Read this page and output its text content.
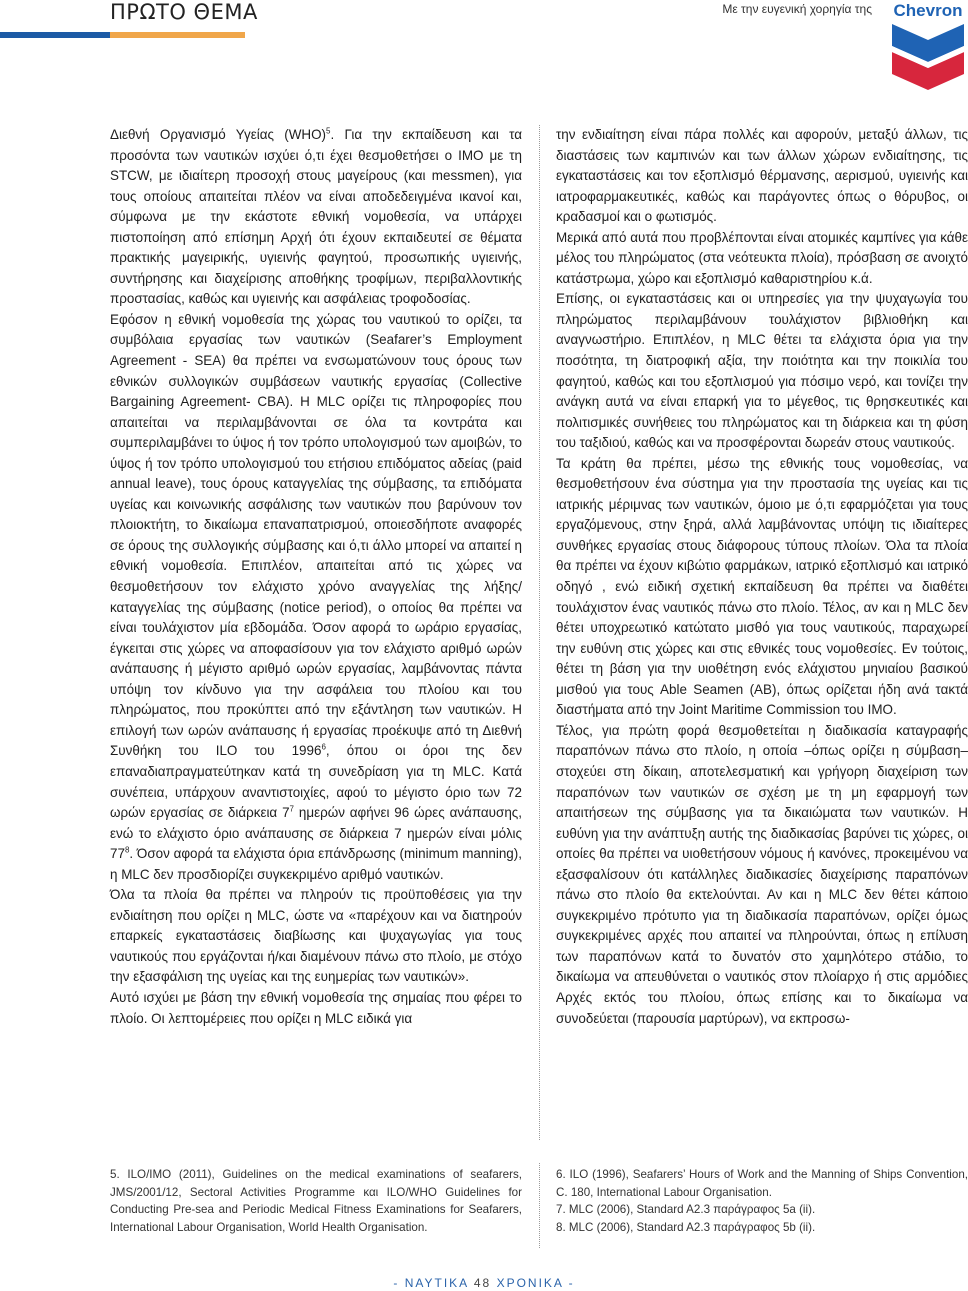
ΠΡΩΤΟ ΘΕΜΑ	Με την ευγενική χορηγία της Chevron

Διεθνή Οργανισμό Υγείας (WHO)$^5$. Για την εκπαίδευση και τα προσόντα των ναυτικών ισχύει ό,τι έχει θεσμοθετήσει ο ΙΜΟ με τη STCW, με ιδιαίτερη προσοχή στους μαγείρους (και messmen), για τους οποίους απαιτείται πλέον να είναι αποδεδειγμένα ικανοί και, σύμφωνα με την εκάστοτε εθνική νομοθεσία, να υπάρχει πιστοποίηση από επίσημη Αρχή ότι έχουν εκπαιδευτεί σε θέματα πρακτικής μαγειρικής, υγιεινής φαγητού, προσωπικής υγιεινής, συντήρησης και διαχείρισης αποθήκης τροφίμων, περιβαλλοντικής προστασίας, καθώς και υγιεινής και ασφάλειας τροφοδοσίας.

Εφόσον η εθνική νομοθεσία της χώρας του ναυτικού το ορίζει, τα συμβόλαια εργασίας των ναυτικών (Seafarer’s Employment Agreement - SEA) θα πρέπει να ενσωματώνουν τους όρους των εθνικών συλλογικών συμβάσεων ναυτικής εργασίας (Collective Bargaining Agreement- CBA). Η MLC ορίζει τις πληροφορίες που απαιτείται να περιλαμβάνονται σε όλα τα κοντράτα και συμπεριλαμβάνει το ύψος ή τον τρόπο υπολογισμού των αμοιβών, το ύψος ή τον τρόπο υπολογισμού του ετήσιου επιδόματος αδείας (paid annual leave), τους όρους καταγγελίας της σύμβασης, τα επιδόματα υγείας και κοινωνικής ασφάλισης των ναυτικών που βαρύνουν τον πλοιοκτήτη, το δικαίωμα επαναπατρισμού, οποιεσδήποτε αναφορές σε όρους της συλλογικής σύμβασης και ό,τι άλλο μπορεί να απαιτεί η εθνική νομοθεσία. Επιπλέον, απαιτείται από τις χώρες να θεσμοθετήσουν τον ελάχιστο χρόνο αναγγελίας της λήξης/καταγγελίας της σύμβασης (notice period), ο οποίος θα πρέπει να είναι τουλάχιστον μία εβδομάδα. Όσον αφορά το ωράριο εργασίας, έγκειται στις χώρες να αποφασίσουν για τον ελάχιστο αριθμό ωρών ανάπαυσης ή μέγιστο αριθμό ωρών εργασίας, λαμβάνοντας πάντα υπόψη τον κίνδυνο για την ασφάλεια του πλοίου και του πληρώματος, που προκύπτει από την εξάντληση των ναυτικών. Η επιλογή των ωρών ανάπαυσης ή εργασίας προέκυψε από τη Διεθνή Συνθήκη του ILO του 1996$^6$, όπου οι όροι της δεν επαναδιαπραγματεύτηκαν κατά τη συνεδρίαση για τη MLC. Κατά συνέπεια, υπάρχουν αναντιστοιχίες, αφού το μέγιστο όριο των 72 ωρών εργασίας σε διάρκεια $7^7$ ημερών αφήνει 96 ώρες ανάπαυσης, ενώ το ελάχιστο όριο ανάπαυσης σε διάρκεια 7 ημερών είναι μόλις $77^8$. Όσον αφορά τα ελάχιστα όρια επάνδρωσης (minimum manning), η MLC δεν προσδιορίζει συγκεκριμένο αριθμό ναυτικών.

Όλα τα πλοία θα πρέπει να πληρούν τις προϋποθέσεις για την ενδιαίτηση που ορίζει η MLC, ώστε να «παρέχουν και να διατηρούν επαρκείς εγκαταστάσεις διαβίωσης και ψυχαγωγίας για τους ναυτικούς που εργάζονται ή/και διαμένουν πάνω στο πλοίο, με στόχο την εξασφάλιση της υγείας και της ευημερίας των ναυτικών».

Αυτό ισχύει με βάση την εθνική νομοθεσία της σημαίας που φέρει το πλοίο. Οι λεπτομέρειες που ορίζει η MLC ειδικά για

την ενδιαίτηση είναι πάρα πολλές και αφορούν, μεταξύ άλλων, τις διαστάσεις των καμπινών και των άλλων χώρων ενδιαίτησης, τις εγκαταστάσεις και τον εξοπλισμό θέρμανσης, αερισμού, υγιεινής και ιατροφαρμακευτικές, καθώς και παράγοντες όπως ο θόρυβος, οι κραδασμοί και ο φωτισμός.

Μερικά από αυτά που προβλέπονται είναι ατομικές καμπίνες για κάθε μέλος του πληρώματος (στα νεότευκτα πλοία), πρόσβαση σε ανοιχτό κατάστρωμα, χώρο και εξοπλισμό καθαριστηρίου κ.ά.

Επίσης, οι εγκαταστάσεις και οι υπηρεσίες για την ψυχαγωγία του πληρώματος περιλαμβάνουν τουλάχιστον βιβλιοθήκη και αναγνωστήριο. Επιπλέον, η MLC θέτει τα ελάχιστα όρια για την ποσότητα, τη διατροφική αξία, την ποιότητα και την ποικιλία του φαγητού, καθώς και του εξοπλισμού για πόσιμο νερό, και τονίζει την ανάγκη αυτά να είναι επαρκή για το μέγεθος, τις θρησκευτικές και πολιτισμικές συνήθειες του πληρώματος και τη διάρκεια και τη φύση του ταξιδιού, καθώς και να προσφέρονται δωρεάν στους ναυτικούς.

Τα κράτη θα πρέπει, μέσω της εθνικής τους νομοθεσίας, να θεσμοθετήσουν ένα σύστημα για την προστασία της υγείας και τις ιατρικής μέριμνας των ναυτικών, όμοιο με ό,τι εφαρμόζεται για τους εργαζόμενους, στην ξηρά, αλλά λαμβάνοντας υπόψη τις ιδιαίτερες συνθήκες εργασίας στους διάφορους τύπους πλοίων. Όλα τα πλοία θα πρέπει να έχουν κιβώτιο φαρμάκων, ιατρικό εξοπλισμό και ιατρικό οδηγό , ενώ ειδική σχετική εκπαίδευση θα πρέπει να διαθέτει τουλάχιστον ένας ναυτικός πάνω στο πλοίο. Τέλος, αν και η MLC δεν θέτει υποχρεωτικό κατώτατο μισθό για τους ναυτικούς, παραχωρεί την ευθύνη στις χώρες και στις εθνικές τους νομοθεσίες. Εν τούτοις, θέτει τη βάση για την υιοθέτηση ενός ελάχιστου μηνιαίου βασικού μισθού για τους Able Seamen (AB), όπως ορίζεται ήδη ανά τακτά διαστήματα από την Joint Maritime Commission του ΙΜΟ.

Τέλος, για πρώτη φορά θεσμοθετείται η διαδικασία καταγραφής παραπόνων πάνω στο πλοίο, η οποία –όπως ορίζει η σύμβαση– στοχεύει στη δίκαιη, αποτελεσματική και γρήγορη διαχείριση των παραπόνων των ναυτικών σε σχέση με τη μη εφαρμογή των απαιτήσεων της σύμβασης για τα δικαιώματα των ναυτικών. Η ευθύνη για την ανάπτυξη αυτής της διαδικασίας βαρύνει τις χώρες, οι οποίες θα πρέπει να υιοθετήσουν νόμους ή κανόνες, προκειμένου να εξασφαλίσουν ότι κατάλληλες διαδικασίες διαχείρισης παραπόνων πάνω στο πλοίο θα εκτελούνται. Αν και η MLC δεν θέτει κάποιο συγκεκριμένο πρότυπο για τη διαδικασία παραπόνων, ορίζει όμως συγκεκριμένες αρχές που απαιτεί να πληρούνται, όπως η επίλυση των παραπόνων κατά το δυνατόν στο χαμηλότερο στάδιο, το δικαίωμα να απευθύνεται ο ναυτικός στον πλοίαρχο ή στις αρμόδιες Αρχές εκτός του πλοίου, όπως επίσης και το δικαίωμα να συνοδεύεται (παρουσία μαρτύρων), να εκπροσω-

5. ILO/IMO (2011), Guidelines on the medical examinations of seafarers, JMS/2001/12, Sectoral Activities Programme και ILO/WHO Guidelines for Conducting Pre-sea and Periodic Medical Fitness Examinations for Seafarers, International Labour Organisation, World Health Organisation.

6. ILO (1996), Seafarers’ Hours of Work and the Manning of Ships Convention, C. 180, International Labour Organisation.

7. MLC (2006), Standard A2.3 παράγραφος 5a (ii).

8. MLC (2006), Standard A2.3 παράγραφος 5b (ii).

- ΝΑΥΤΙΚΑ 48 ΧΡΟΝΙΚΑ -
